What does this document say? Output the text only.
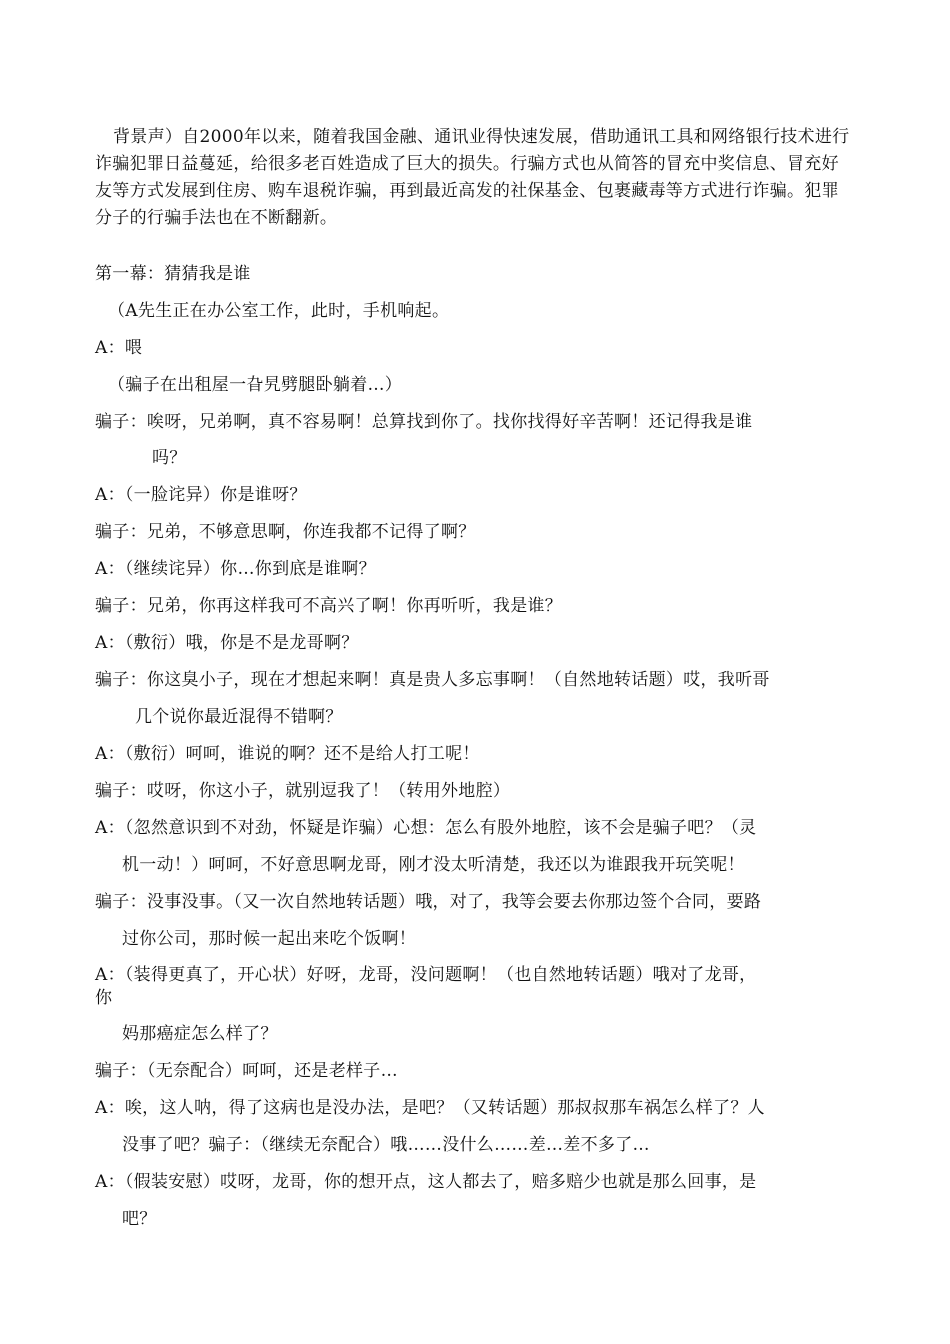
背景声）自2000年以来，随着我国金融、通讯业得快速发展，借助通讯工具和网络银行技术进行诈骗犯罪日益蔓延，给很多老百姓造成了巨大的损失。行骗方式也从简答的冒充中奖信息、冒充好友等方式发展到住房、购车退税诈骗，再到最近高发的社保基金、包裹藏毒等方式进行诈骗。犯罪分子的行骗手法也在不断翻新。

第一幕：猜猜我是谁
（A先生正在办公室工作，此时，手机响起。
A：喂
（骗子在出租屋一旮旯劈腿卧躺着…）
骗子：唉呀，兄弟啊，真不容易啊！总算找到你了。找你找得好辛苦啊！还记得我是谁
吗？
A：（一脸诧异）你是谁呀？
骗子：兄弟，不够意思啊，你连我都不记得了啊？
A：（继续诧异）你…你到底是谁啊？
骗子：兄弟，你再这样我可不高兴了啊！你再听听，我是谁？
A：（敷衍）哦，你是不是龙哥啊？
骗子：你这臭小子，现在才想起来啊！真是贵人多忘事啊！（自然地转话题）哎，我听哥
几个说你最近混得不错啊？
A：（敷衍）呵呵，谁说的啊？还不是给人打工呢！
骗子：哎呀，你这小子，就别逗我了！（转用外地腔）
A：（忽然意识到不对劲，怀疑是诈骗）心想：怎么有股外地腔，该不会是骗子吧？（灵
机一动！）呵呵，不好意思啊龙哥，刚才没太听清楚，我还以为谁跟我开玩笑呢！
骗子：没事没事。（又一次自然地转话题）哦，对了，我等会要去你那边签个合同，要路
过你公司，那时候一起出来吃个饭啊！
A：（装得更真了，开心状）好呀，龙哥，没问题啊！（也自然地转话题）哦对了龙哥，
你
妈那癌症怎么样了？
骗子：（无奈配合）呵呵，还是老样子…
A：唉，这人呐，得了这病也是没办法，是吧？（又转话题）那叔叔那车祸怎么样了？人
没事了吧？骗子：（继续无奈配合）哦……没什么……差…差不多了…
A：（假装安慰）哎呀，龙哥，你的想开点，这人都去了，赔多赔少也就是那么回事，是
吧？
